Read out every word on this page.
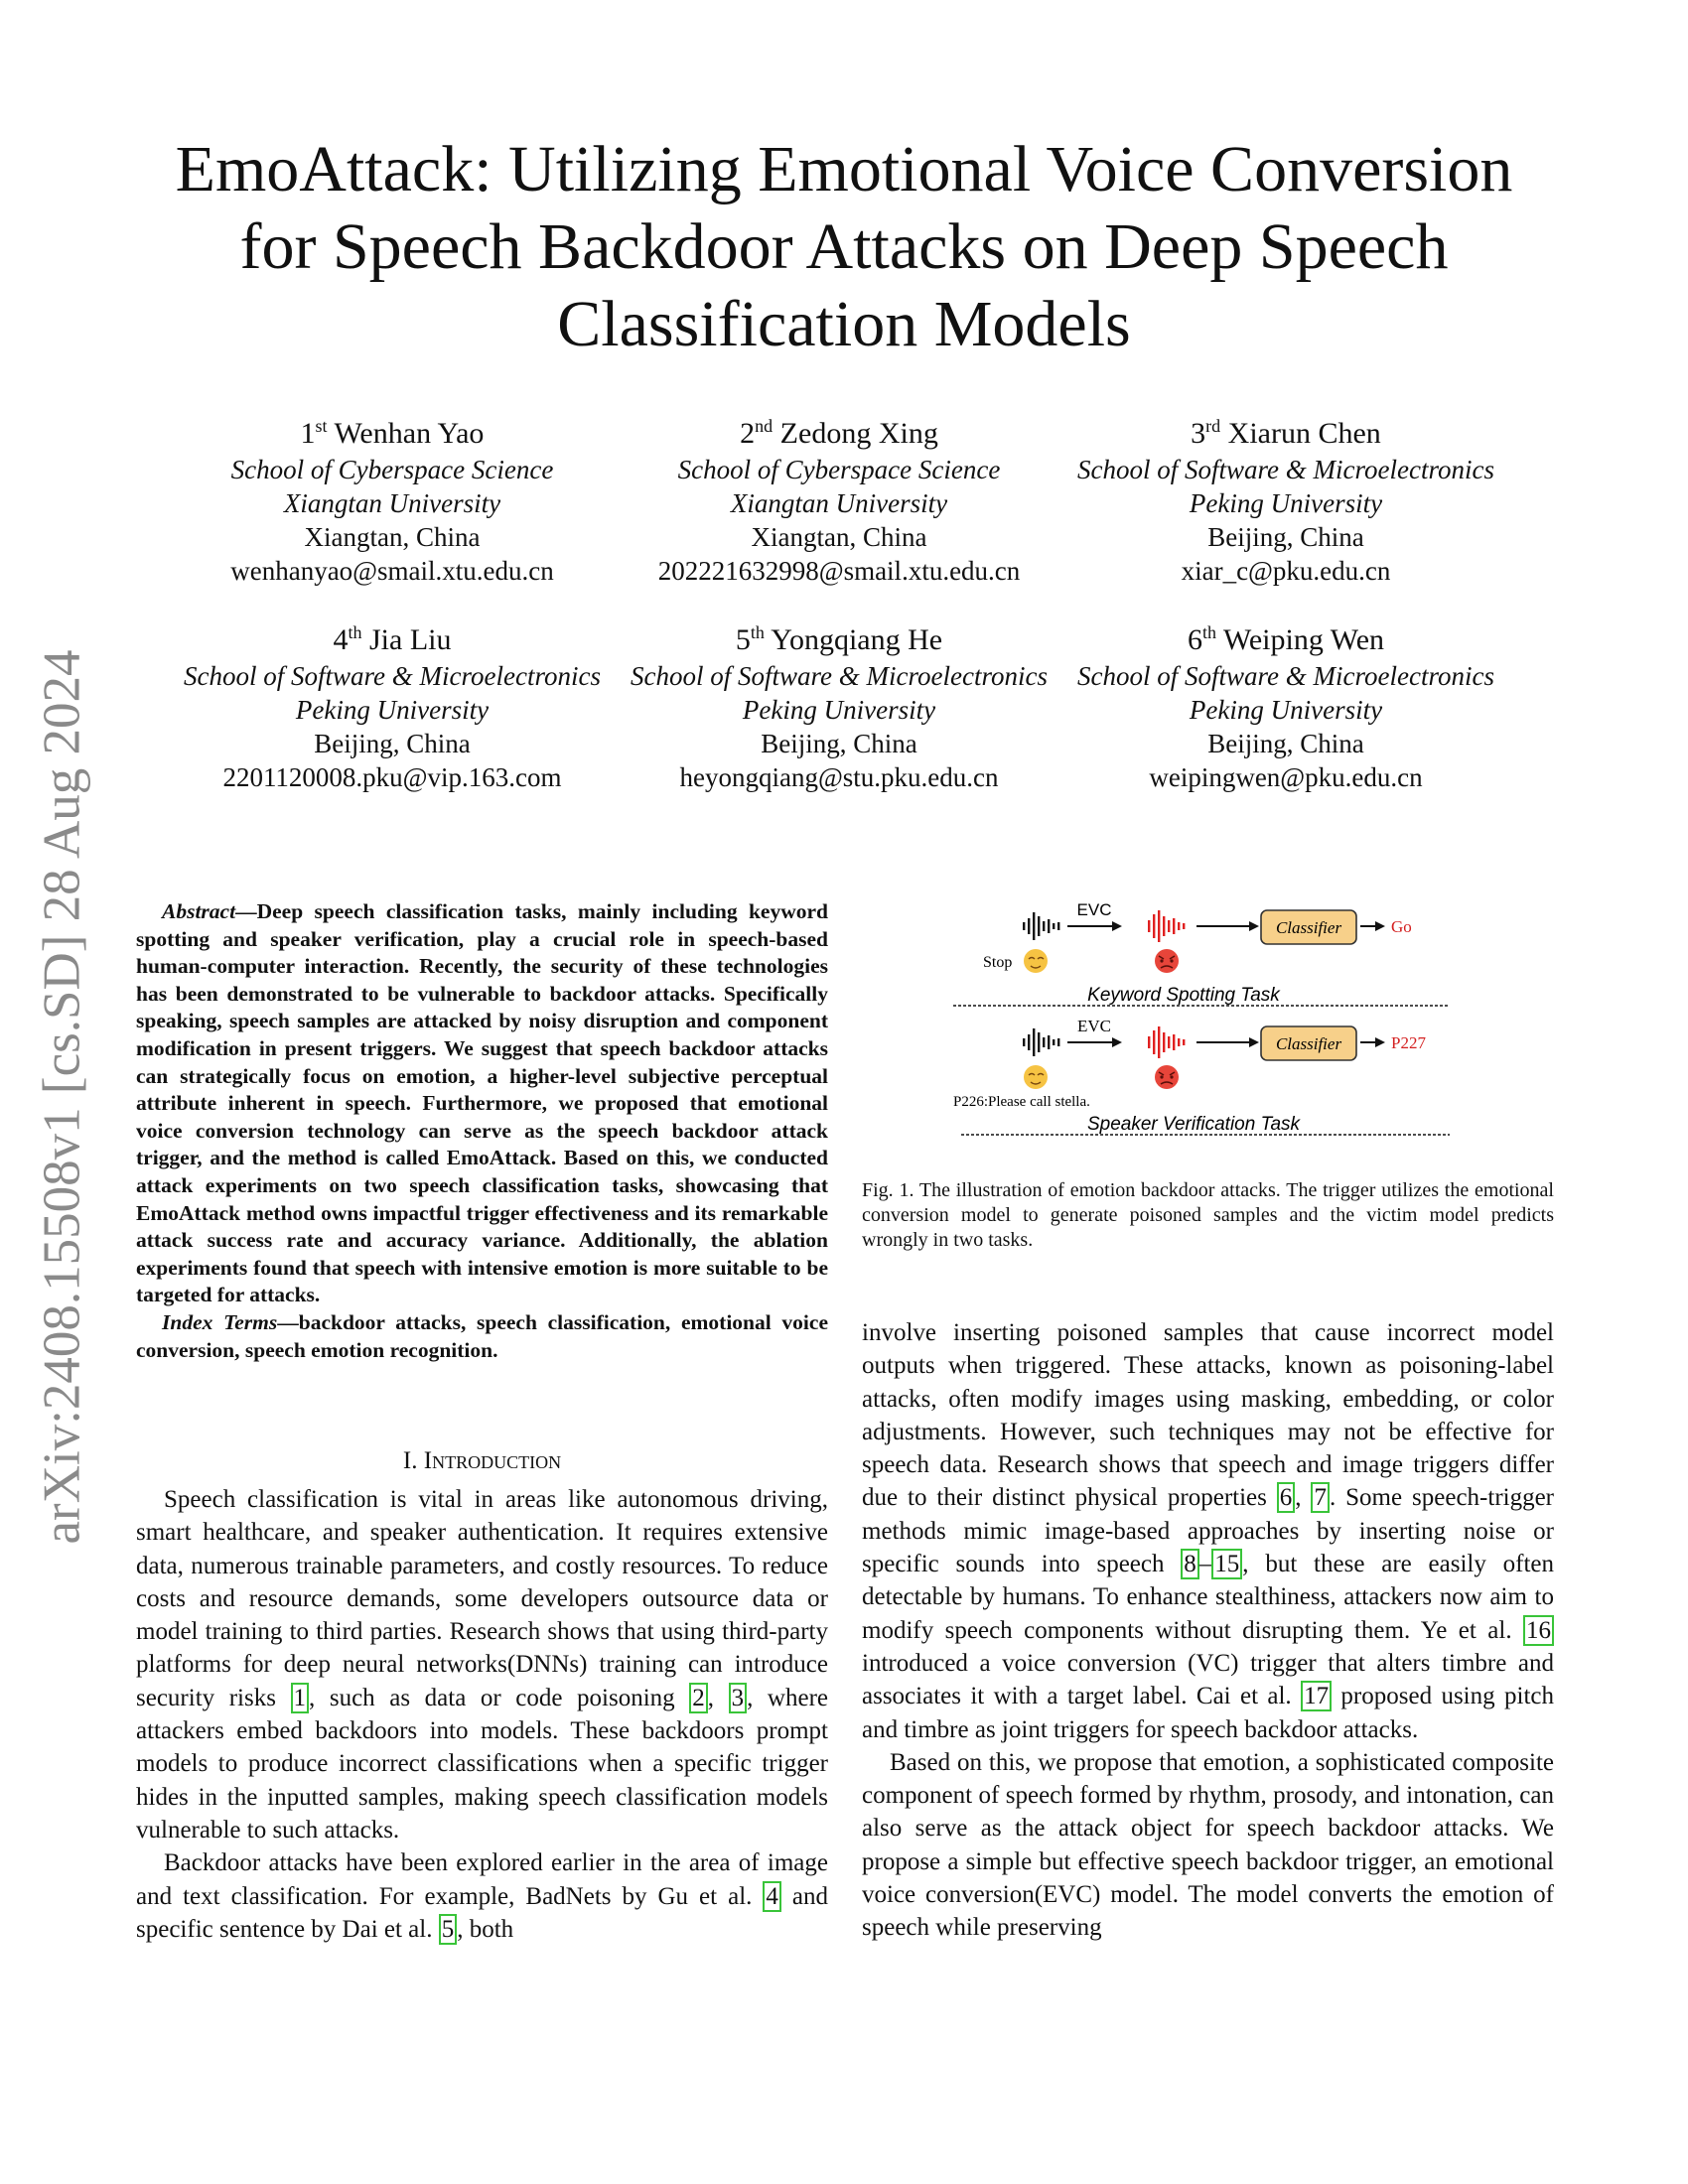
EmoAttack: Utilizing Emotional Voice Conversion
for Speech Backdoor Attacks on Deep Speech
Classification Models
arXiv:2408.15508v1 [cs.SD] 28 Aug 2024
1st Wenhan Yao
School of Cyberspace Science
Xiangtan University
Xiangtan, China
wenhanyao@smail.xtu.edu.cn
2nd Zedong Xing
School of Cyberspace Science
Xiangtan University
Xiangtan, China
202221632998@smail.xtu.edu.cn
3rd Xiarun Chen
School of Software & Microelectronics
Peking University
Beijing, China
xiar_c@pku.edu.cn
4th Jia Liu
School of Software & Microelectronics
Peking University
Beijing, China
2201120008.pku@vip.163.com
5th Yongqiang He
School of Software & Microelectronics
Peking University
Beijing, China
heyongqiang@stu.pku.edu.cn
6th Weiping Wen
School of Software & Microelectronics
Peking University
Beijing, China
weipingwen@pku.edu.cn

Abstract—Deep speech classification tasks, mainly including keyword spotting and speaker verification, play a crucial role in speech-based human-computer interaction. Recently, the security of these technologies has been demonstrated to be vulnerable to backdoor attacks. Specifically speaking, speech samples are attacked by noisy disruption and component modification in present triggers. We suggest that speech backdoor attacks can strategically focus on emotion, a higher-level subjective perceptual attribute inherent in speech. Furthermore, we proposed that emotional voice conversion technology can serve as the speech backdoor attack trigger, and the method is called EmoAttack. Based on this, we conducted attack experiments on two speech classification tasks, showcasing that EmoAttack method owns impactful trigger effectiveness and its remarkable attack success rate and accuracy variance. Additionally, the ablation experiments found that speech with intensive emotion is more suitable to be targeted for attacks.

Index Terms—backdoor attacks, speech classification, emotional voice conversion, speech emotion recognition.

I. Introduction

Speech classification is vital in areas like autonomous driving, smart healthcare, and speaker authentication. It requires extensive data, numerous trainable parameters, and costly resources. To reduce costs and resource demands, some developers outsource data or model training to third parties. Research shows that using third-party platforms for deep neural networks(DNNs) training can introduce security risks 1 , such as data or code poisoning 2 , 3 , where attackers embed backdoors into models. These backdoors prompt models to produce incorrect classifications when a specific trigger hides in the inputted samples, making speech classification models vulnerable to such attacks.

Backdoor attacks have been explored earlier in the area of image and text classification. For example, BadNets by Gu et al. 4 and specific sentence by Dai et al. 5 , both

EVC
Classifier	Go
Stop
Keyword Spotting Task
EVC
Classifier	P227
P226:Please call stella.
Speaker Verification Task
Fig. 1. The illustration of emotion backdoor attacks. The trigger utilizes the emotional conversion model to generate poisoned samples and the victim model predicts wrongly in two tasks.

involve inserting poisoned samples that cause incorrect model outputs when triggered. These attacks, known as poisoning-label attacks, often modify images using masking, embedding, or color adjustments. However, such techniques may not be effective for speech data. Research shows that speech and image triggers differ due to their distinct physical properties 6 , 7 . Some speech-trigger methods mimic image-based approaches by inserting noise or specific sounds into speech 8 – 15 , but these are easily often detectable by humans. To enhance stealthiness, attackers now aim to modify speech components without disrupting them. Ye et al. 16 introduced a voice conversion (VC) trigger that alters timbre and associates it with a target label. Cai et al. 17 proposed using pitch and timbre as joint triggers for speech backdoor attacks.

Based on this, we propose that emotion, a sophisticated composite component of speech formed by rhythm, prosody, and intonation, can also serve as the attack object for speech backdoor attacks. We propose a simple but effective speech backdoor trigger, an emotional voice conversion(EVC) model. The model converts the emotion of speech while preserving
